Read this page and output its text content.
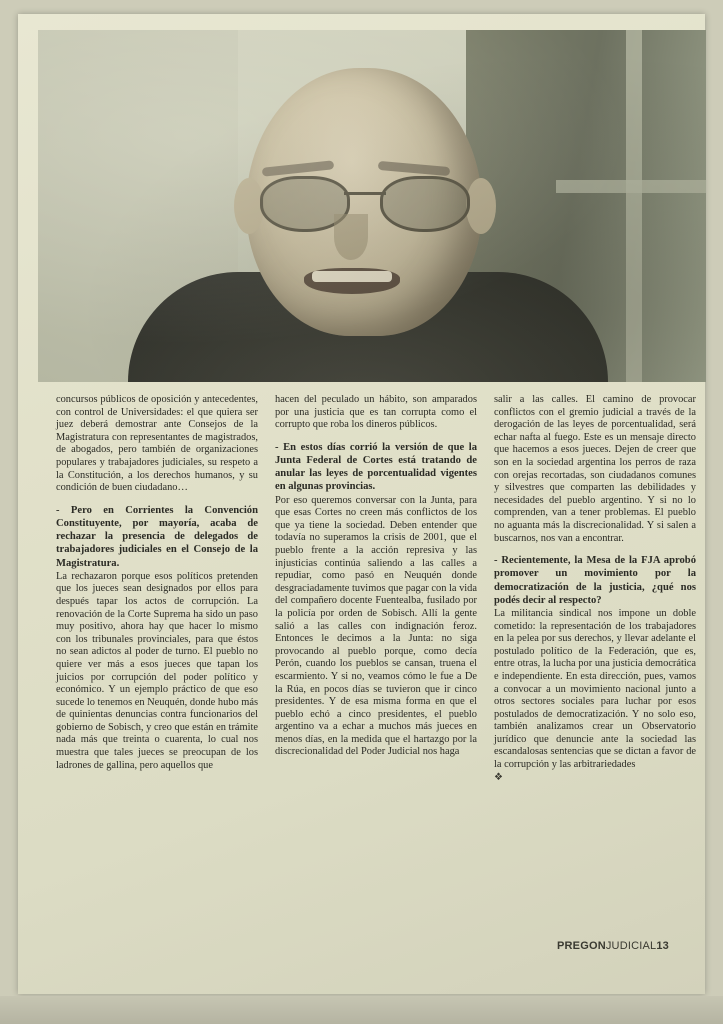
concursos públicos de oposición y antecedentes, con control de Universidades: el que quiera ser juez deberá demostrar ante Consejos de la Magistratura con representantes de magistrados, de abogados, pero también de organizaciones populares y trabajadores judiciales, su respeto a la Constitución, a los derechos humanos, y su condición de buen ciudadano…
- Pero en Corrientes la Convención Constituyente, por mayoría, acaba de rechazar la presencia de delegados de trabajadores judiciales en el Consejo de la Magistratura.
La rechazaron porque esos políticos pretenden que los jueces sean designados por ellos para después tapar los actos de corrupción. La renovación de la Corte Suprema ha sido un paso muy positivo, ahora hay que hacer lo mismo con los tribunales provinciales, para que éstos no sean adictos al poder de turno. El pueblo no quiere ver más a esos jueces que tapan los juicios por corrupción del poder político y económico. Y un ejemplo práctico de que eso sucede lo tenemos en Neuquén, donde hubo más de quinientas denuncias contra funcionarios del gobierno de Sobisch, y creo que están en trámite nada más que treinta o cuarenta, lo cual nos muestra que tales jueces se preocupan de los ladrones de gallina, pero aquellos que
hacen del peculado un hábito, son amparados por una justicia que es tan corrupta como el corrupto que roba los dineros públicos.
- En estos días corrió la versión de que la Junta Federal de Cortes está tratando de anular las leyes de porcentualidad vigentes en algunas provincias.
Por eso queremos conversar con la Junta, para que esas Cortes no creen más conflictos de los que ya tiene la sociedad. Deben entender que todavía no superamos la crisis de 2001, que el pueblo frente a la acción represiva y las injusticias continúa saliendo a las calles a repudiar, como pasó en Neuquén donde desgraciadamente tuvimos que pagar con la vida del compañero docente Fuentealba, fusilado por la policía por orden de Sobisch. Allí la gente salió a las calles con indignación feroz. Entonces le decimos a la Junta: no siga provocando al pueblo porque, como decía Perón, cuando los pueblos se cansan, truena el escarmiento. Y si no, veamos cómo le fue a De la Rúa, en pocos días se tuvieron que ir cinco presidentes. Y de esa misma forma en que el pueblo echó a cinco presidentes, el pueblo argentino va a echar a muchos más jueces en menos días, en la medida que el hartazgo por la discrecionalidad del Poder Judicial nos haga
salir a las calles. El camino de provocar conflictos con el gremio judicial a través de la derogación de las leyes de porcentualidad, será echar nafta al fuego. Este es un mensaje directo que hacemos a esos jueces. Dejen de creer que son en la sociedad argentina los perros de raza con orejas recortadas, son ciudadanos comunes y silvestres que comparten las debilidades y necesidades del pueblo argentino. Y si no lo comprenden, van a tener problemas. El pueblo no aguanta más la discrecionalidad. Y si salen a buscarnos, nos van a encontrar.
- Recientemente, la Mesa de la FJA aprobó promover un movimiento por la democratización de la justicia, ¿qué nos podés decir al respecto?
La militancia sindical nos impone un doble cometido: la representación de los trabajadores en la pelea por sus derechos, y llevar adelante el postulado político de la Federación, que es, entre otras, la lucha por una justicia democrática e independiente. En esta dirección, pues, vamos a convocar a un movimiento nacional junto a otros sectores sociales para luchar por esos postulados de democratización. Y no solo eso, también analizamos crear un Observatorio jurídico que denuncie ante la sociedad las escandalosas sentencias que se dictan a favor de la corrupción y las arbitrariedades
❖
PREGONJUDICIAL13
